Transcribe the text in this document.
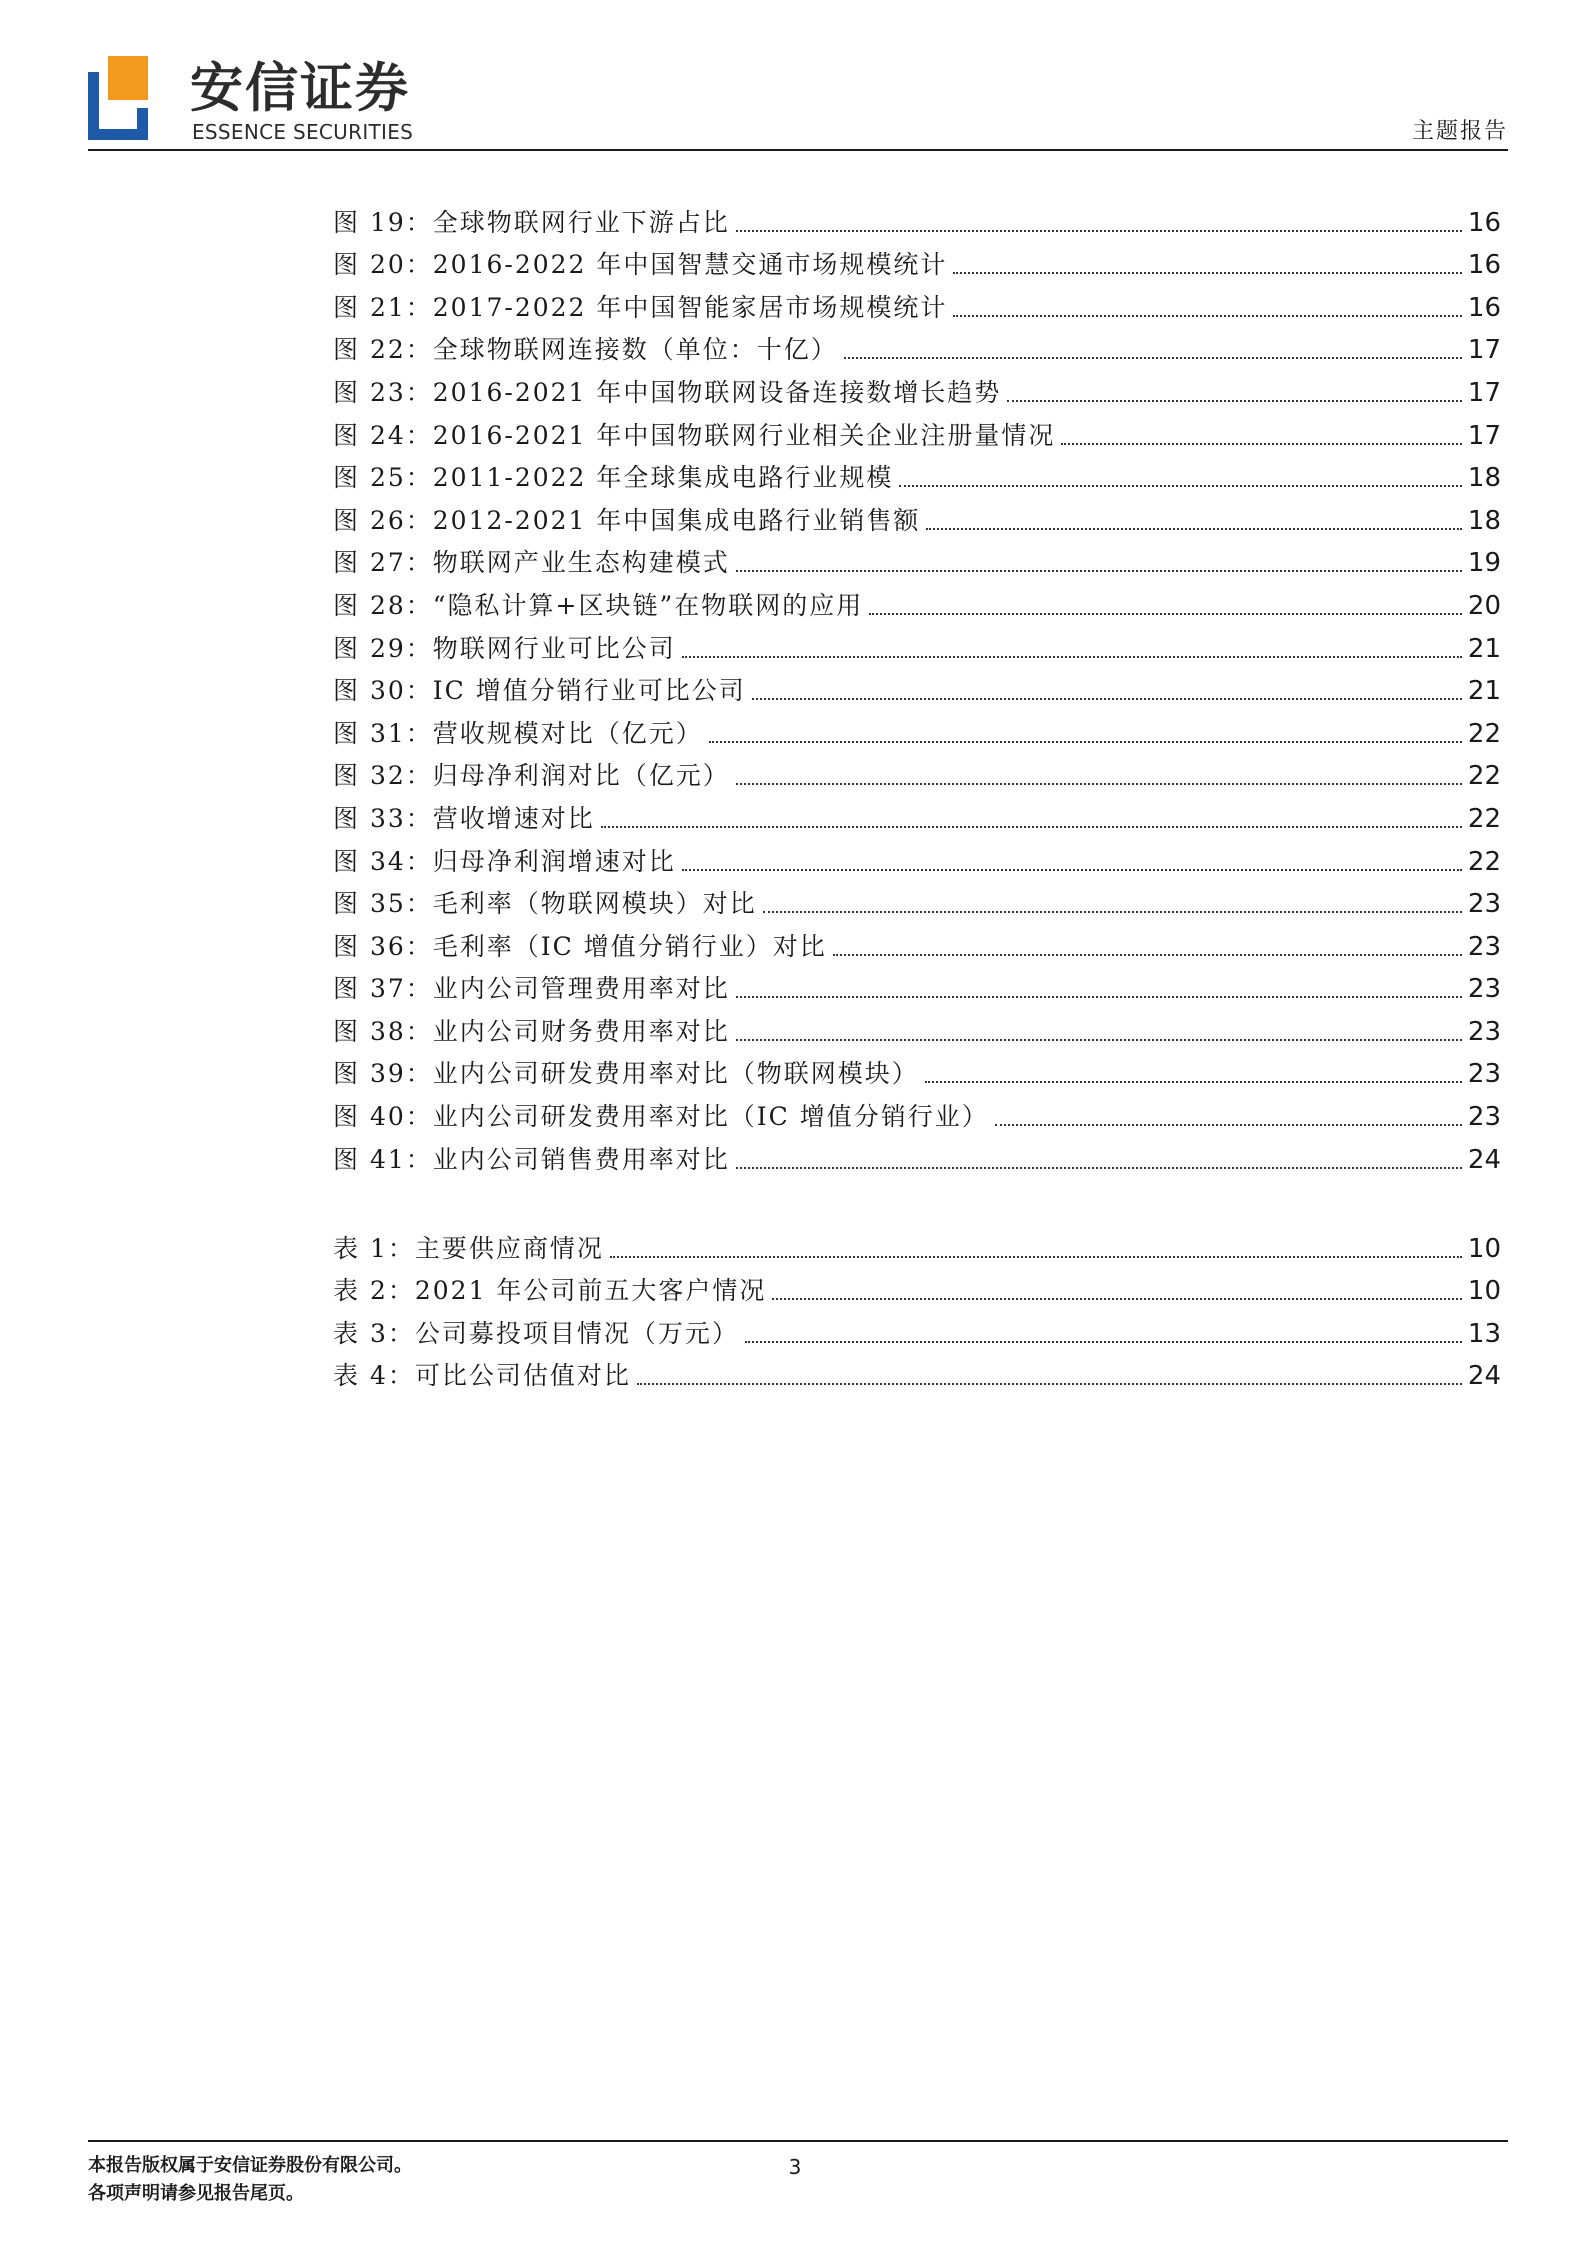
安信证券
ESSENCE SECURITIES	主题报告
图 19：全球物联网行业下游占比	16
图 20：2016-2022 年中国智慧交通市场规模统计	16
图 21：2017-2022 年中国智能家居市场规模统计	16
图 22：全球物联网连接数（单位：十亿）	17
图 23：2016-2021 年中国物联网设备连接数增长趋势	17
图 24：2016-2021 年中国物联网行业相关企业注册量情况	17
图 25：2011-2022 年全球集成电路行业规模	18
图 26：2012-2021 年中国集成电路行业销售额	18
图 27：物联网产业生态构建模式	19
图 28：“隐私计算+区块链”在物联网的应用	20
图 29：物联网行业可比公司	21
图 30：IC 增值分销行业可比公司	21
图 31：营收规模对比（亿元）	22
图 32：归母净利润对比（亿元）	22
图 33：营收增速对比	22
图 34：归母净利润增速对比	22
图 35：毛利率（物联网模块）对比	23
图 36：毛利率（IC 增值分销行业）对比	23
图 37：业内公司管理费用率对比	23
图 38：业内公司财务费用率对比	23
图 39：业内公司研发费用率对比（物联网模块）	23
图 40：业内公司研发费用率对比（IC 增值分销行业）	23
图 41：业内公司销售费用率对比	24
表 1：主要供应商情况	10
表 2：2021 年公司前五大客户情况	10
表 3：公司募投项目情况（万元）	13
表 4：可比公司估值对比	24
本报告版权属于安信证券股份有限公司。
各项声明请参见报告尾页。
3
